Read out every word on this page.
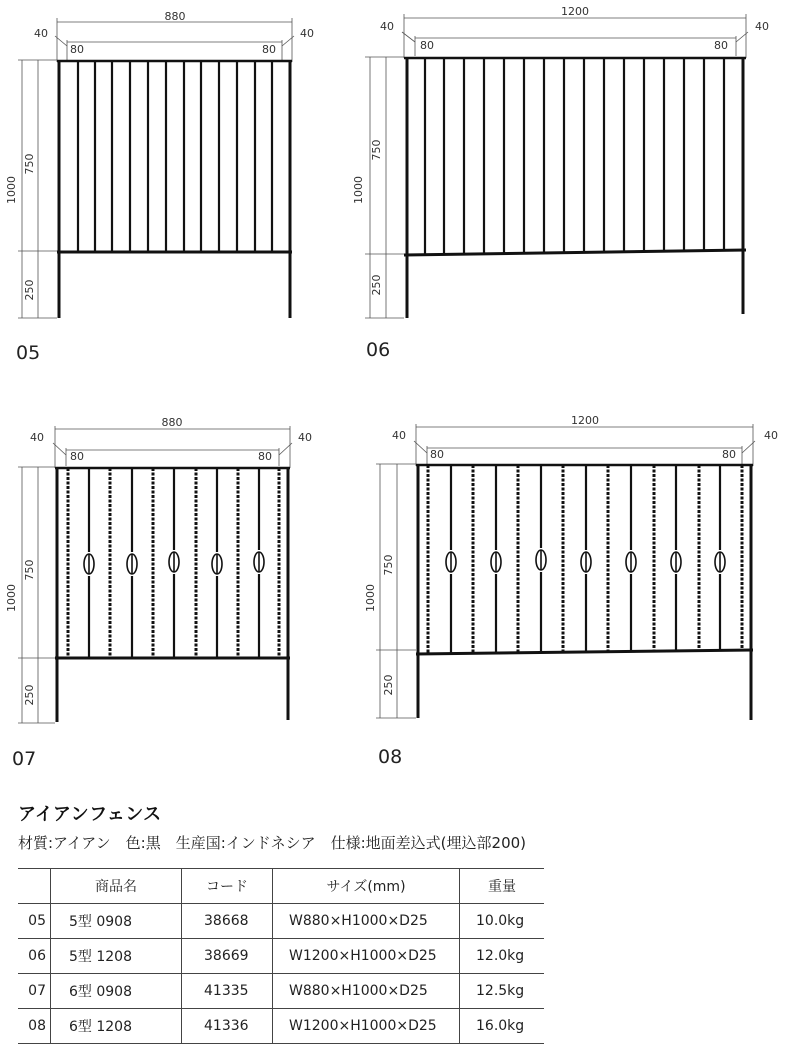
880
40	40
80	80
1000
750
250
1200
40	40
80	80
1000
750
250
880
40	40
80	80
1000
750
250
1200
40	40
80	80
1000
750
250
05	06
07	08
アイアンフェンス
材質:アイアン　色:黒　生産国:インドネシア　仕様:地面差込式(埋込部200)
	商品名	コード	サイズ(mm)	重量
05	5型 0908	38668	W880×H1000×D25	10.0kg
06	5型 1208	38669	W1200×H1000×D25	12.0kg
07	6型 0908	41335	W880×H1000×D25	12.5kg
08	6型 1208	41336	W1200×H1000×D25	16.0kg
